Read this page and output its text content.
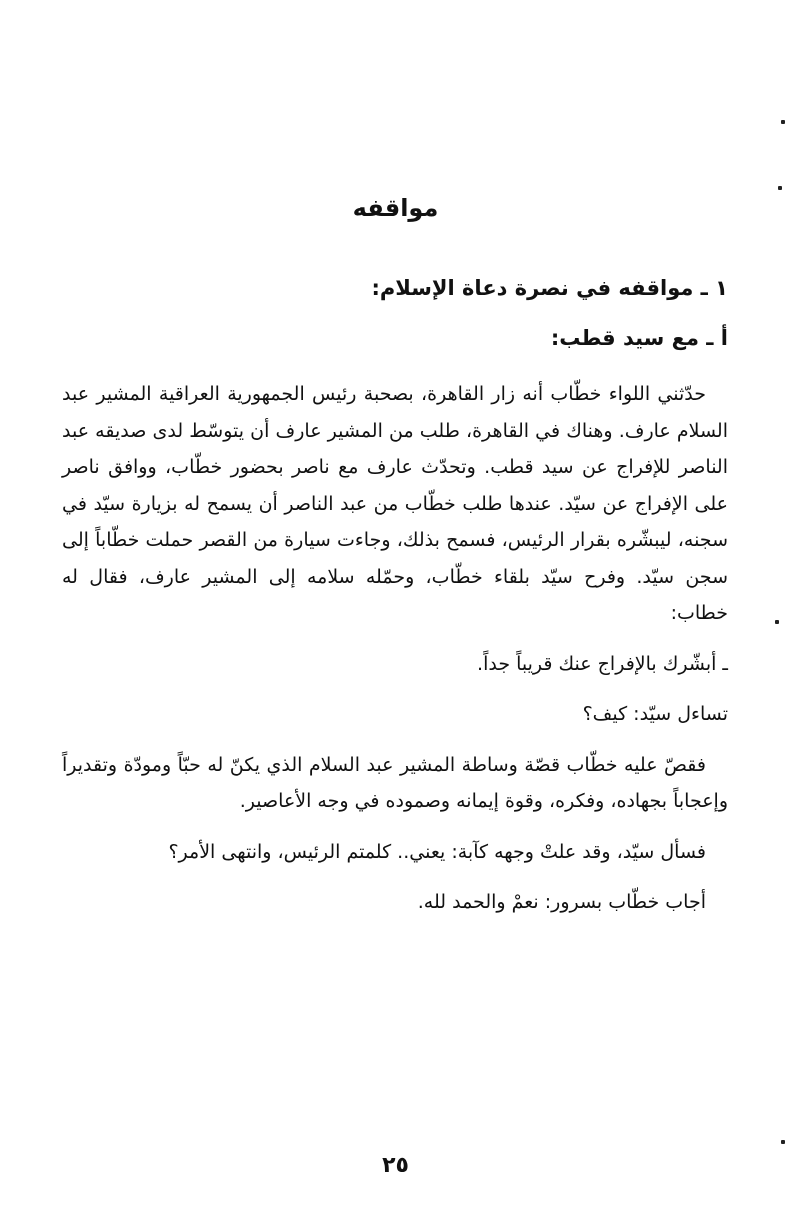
مواقفه

١ ـ مواقفه في نصرة دعاة الإسلام:

أ ـ مع سيد قطب:

حدّثني اللواء خطّاب أنه زار القاهرة، بصحبة رئيس الجمهورية العراقية المشير عبد السلام عارف. وهناك في القاهرة، طلب من المشير عارف أن يتوسّط لدى صديقه عبد الناصر للإفراج عن سيد قطب. وتحدّث عارف مع ناصر بحضور خطّاب، ووافق ناصر على الإفراج عن سيّد. عندها طلب خطّاب من عبد الناصر أن يسمح له بزيارة سيّد في سجنه، ليبشّره بقرار الرئيس، فسمح بذلك، وجاءت سيارة من القصر حملت خطّاباً إلى سجن سيّد. وفرح سيّد بلقاء خطّاب، وحمّله سلامه إلى المشير عارف، فقال له خطاب:

ـ أبشّرك بالإفراج عنك قريباً جداً.

تساءل سيّد: كيف؟

فقصّ عليه خطّاب قصّة وساطة المشير عبد السلام الذي يكنّ له حبّاً ومودّة وتقديراً وإعجاباً بجهاده، وفكره، وقوة إيمانه وصموده في وجه الأعاصير.

فسأل سيّد، وقد علتْ وجهه كآبة: يعني.. كلمتم الرئيس، وانتهى الأمر؟

أجاب خطّاب بسرور: نعمْ والحمد لله.

٢٥
